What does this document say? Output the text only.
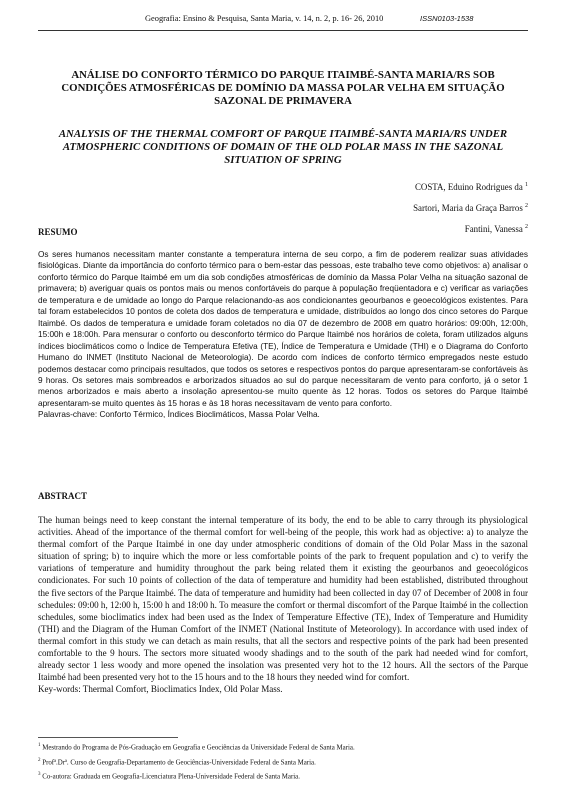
Geografia: Ensino & Pesquisa, Santa Maria, v. 14, n. 2, p. 16- 26, 2010	ISSN0103-1538
ANÁLISE DO CONFORTO TÉRMICO DO PARQUE ITAIMBÉ-SANTA MARIA/RS SOB CONDIÇÕES ATMOSFÉRICAS DE DOMÍNIO DA MASSA POLAR VELHA EM SITUAÇÃO SAZONAL DE PRIMAVERA
ANALYSIS OF THE THERMAL COMFORT OF PARQUE ITAIMBÉ-SANTA MARIA/RS UNDER ATMOSPHERIC CONDITIONS OF DOMAIN OF THE OLD POLAR MASS IN THE SAZONAL SITUATION OF SPRING
COSTA, Eduino Rodrigues da $^1$
Sartori, Maria da Graça Barros $^2$
Fantini, Vanessa $^2$
RESUMO

Os seres humanos necessitam manter constante a temperatura interna de seu corpo, a fim de poderem realizar suas atividades fisiológicas. Diante da importância do conforto térmico para o bem-estar das pessoas, este trabalho teve como objetivos: a) analisar o conforto térmico do Parque Itaimbé em um dia sob condições atmosféricas de domínio da Massa Polar Velha na situação sazonal de primavera; b) averiguar quais os pontos mais ou menos confortáveis do parque à população freqüentadora e c) verificar as variações de temperatura e de umidade ao longo do Parque relacionando-as aos condicionantes geourbanos e geoecológicos existentes. Para tal foram estabelecidos 10 pontos de coleta dos dados de temperatura e umidade, distribuídos ao longo dos cinco setores do Parque Itaimbé. Os dados de temperatura e umidade foram coletados no dia 07 de dezembro de 2008 em quatro horários: 09:00h, 12:00h, 15:00h e 18:00h. Para mensurar o conforto ou desconforto térmico do Parque Itaimbé nos horários de coleta, foram utilizados alguns índices bioclimáticos como o Índice de Temperatura Efetiva (TE), Índice de Temperatura e Umidade (THI) e o Diagrama do Conforto Humano do INMET (Instituto Nacional de Meteorologia). De acordo com índices de conforto térmico empregados neste estudo podemos destacar como principais resultados, que todos os setores e respectivos pontos do parque apresentaram-se confortáveis às 9 horas. Os setores mais sombreados e arborizados situados ao sul do parque necessitaram de vento para conforto, já o setor 1 menos arborizados e mais aberto a insolação apresentou-se muito quente às 12 horas. Todos os setores do Parque Itaimbé apresentaram-se muito quentes às 15 horas e às 18 horas necessitavam de vento para conforto.
Palavras-chave: Conforto Térmico, Índices Bioclimáticos, Massa Polar Velha.

ABSTRACT

The human beings need to keep constant the internal temperature of its body, the end to be able to carry through its physiological activities. Ahead of the importance of the thermal comfort for well-being of the people, this work had as objective: a) to analyze the thermal comfort of the Parque Itaimbé in one day under atmospheric conditions of domain of the Old Polar Mass in the sazonal situation of spring; b) to inquire which the more or less comfortable points of the park to frequent population and c) to verify the variations of temperature and humidity throughout the park being related them it existing the geourbanos and geoecológicos condicionates. For such 10 points of collection of the data of temperature and humidity had been established, distributed throughout the five sectors of the Parque Itaimbé. The data of temperature and humidity had been collected in day 07 of December of 2008 in four schedules: 09:00 h, 12:00 h, 15:00 h and 18:00 h. To measure the comfort or thermal discomfort of the Parque Itaimbé in the collection schedules, some bioclimatics index had been used as the Index of Temperature Effective (TE), Index of Temperature and Humidity (THI) and the Diagram of the Human Comfort of the INMET (National Institute of Meteorology). In accordance with used index of thermal comfort in this study we can detach as main results, that all the sectors and respective points of the park had been presented comfortable to the 9 hours. The sectors more situated woody shadings and to the south of the park had needed wind for comfort, already sector 1 less woody and more opened the insolation was presented very hot to the 12 hours. All the sectors of the Parque Itaimbé had been presented very hot to the 15 hours and to the 18 hours they needed wind for comfort.
Key-words: Thermal Comfort, Bioclimatics Index, Old Polar Mass.

$^1$ Mestrando do Programa de Pós-Graduação em Geografia e Geociências da Universidade Federal de Santa Maria.

$^2$ Profª.Drª. Curso de Geografia-Departamento de Geociências-Universidade Federal de Santa Maria.

$^3$ Co-autora: Graduada em Geografia-Licenciatura Plena-Universidade Federal de Santa Maria.
